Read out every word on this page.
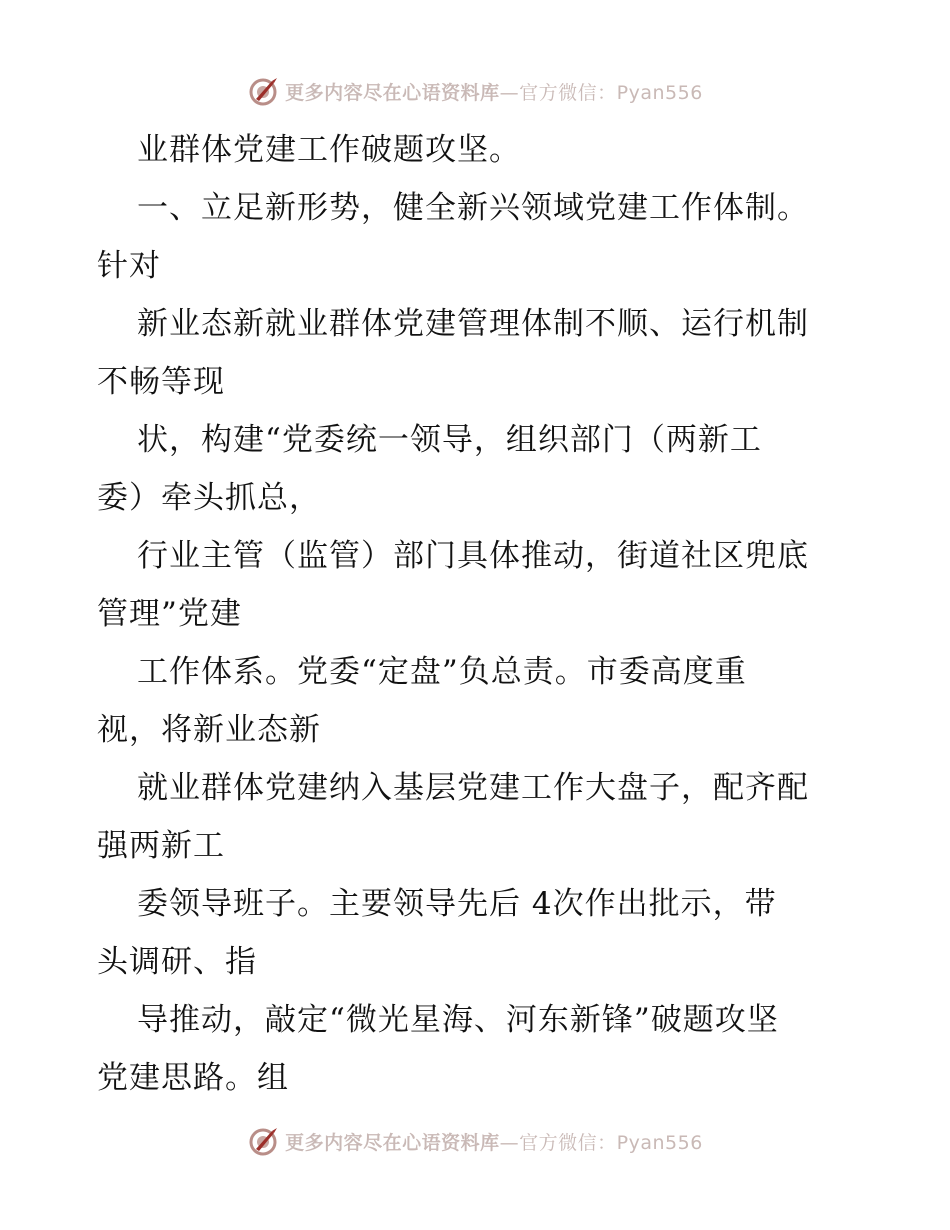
更多内容尽在心语资料库—官方微信：Pyan556
业群体党建工作破题攻坚。
一、立足新形势，健全新兴领域党建工作体制。
针对
新业态新就业群体党建管理体制不顺、运行机制
不畅等现
状，构建“党委统一领导，组织部门（两新工
委）牵头抓总，
行业主管（监管）部门具体推动，街道社区兜底
管理”党建
工作体系。党委“定盘”负总责。市委高度重
视，将新业态新
就业群体党建纳入基层党建工作大盘子，配齐配
强两新工
委领导班子。主要领导先后 4次作出批示，带
头调研、指
导推动，敲定“微光星海、河东新锋”破题攻坚
党建思路。组
更多内容尽在心语资料库—官方微信：Pyan556
